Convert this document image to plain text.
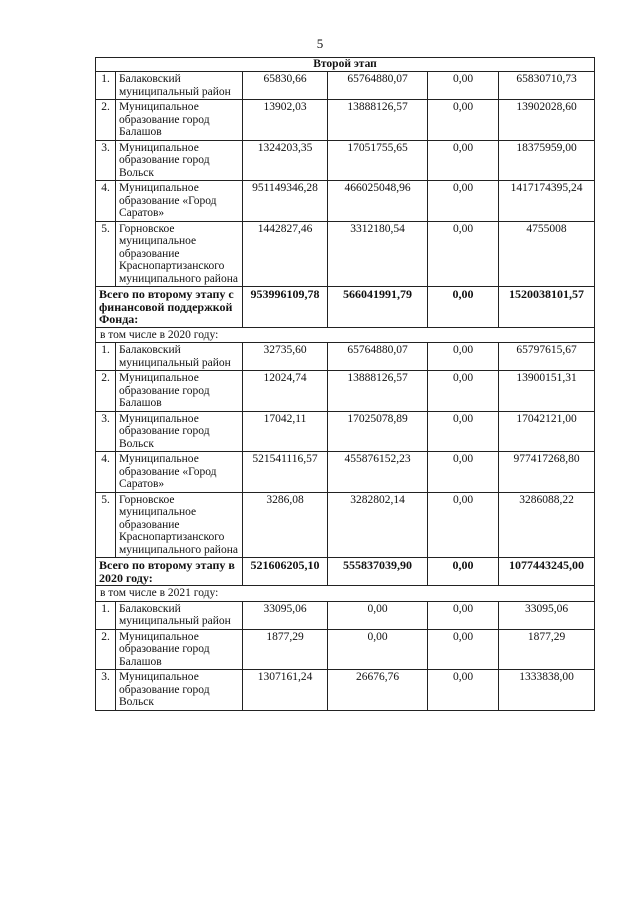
5
Второй этап					
1.	Балаковский муниципальный район	65830,66	65764880,07	0,00	65830710,73
2.	Муниципальное образование город Балашов	13902,03	13888126,57	0,00	13902028,60
3.	Муниципальное образование город Вольск	1324203,35	17051755,65	0,00	18375959,00
4.	Муниципальное образование «Город Саратов»	951149346,28	466025048,96	0,00	1417174395,24
5.	Горновское муниципальное образование Краснопартизанского муниципального района	1442827,46	3312180,54	0,00	4755008
Всего по второму этапу с финансовой поддержкой Фонда:		953996109,78	566041991,79	0,00	1520038101,57
в том числе в 2020 году:					
1.	Балаковский муниципальный район	32735,60	65764880,07	0,00	65797615,67
2.	Муниципальное образование город Балашов	12024,74	13888126,57	0,00	13900151,31
3.	Муниципальное образование город Вольск	17042,11	17025078,89	0,00	17042121,00
4.	Муниципальное образование «Город Саратов»	521541116,57	455876152,23	0,00	977417268,80
5.	Горновское муниципальное образование Краснопартизанского муниципального района	3286,08	3282802,14	0,00	3286088,22
Всего по второму этапу в 2020 году:		521606205,10	555837039,90	0,00	1077443245,00
в том числе в 2021 году:					
1.	Балаковский муниципальный район	33095,06	0,00	0,00	33095,06
2.	Муниципальное образование город Балашов	1877,29	0,00	0,00	1877,29
3.	Муниципальное образование город Вольск	1307161,24	26676,76	0,00	1333838,00
